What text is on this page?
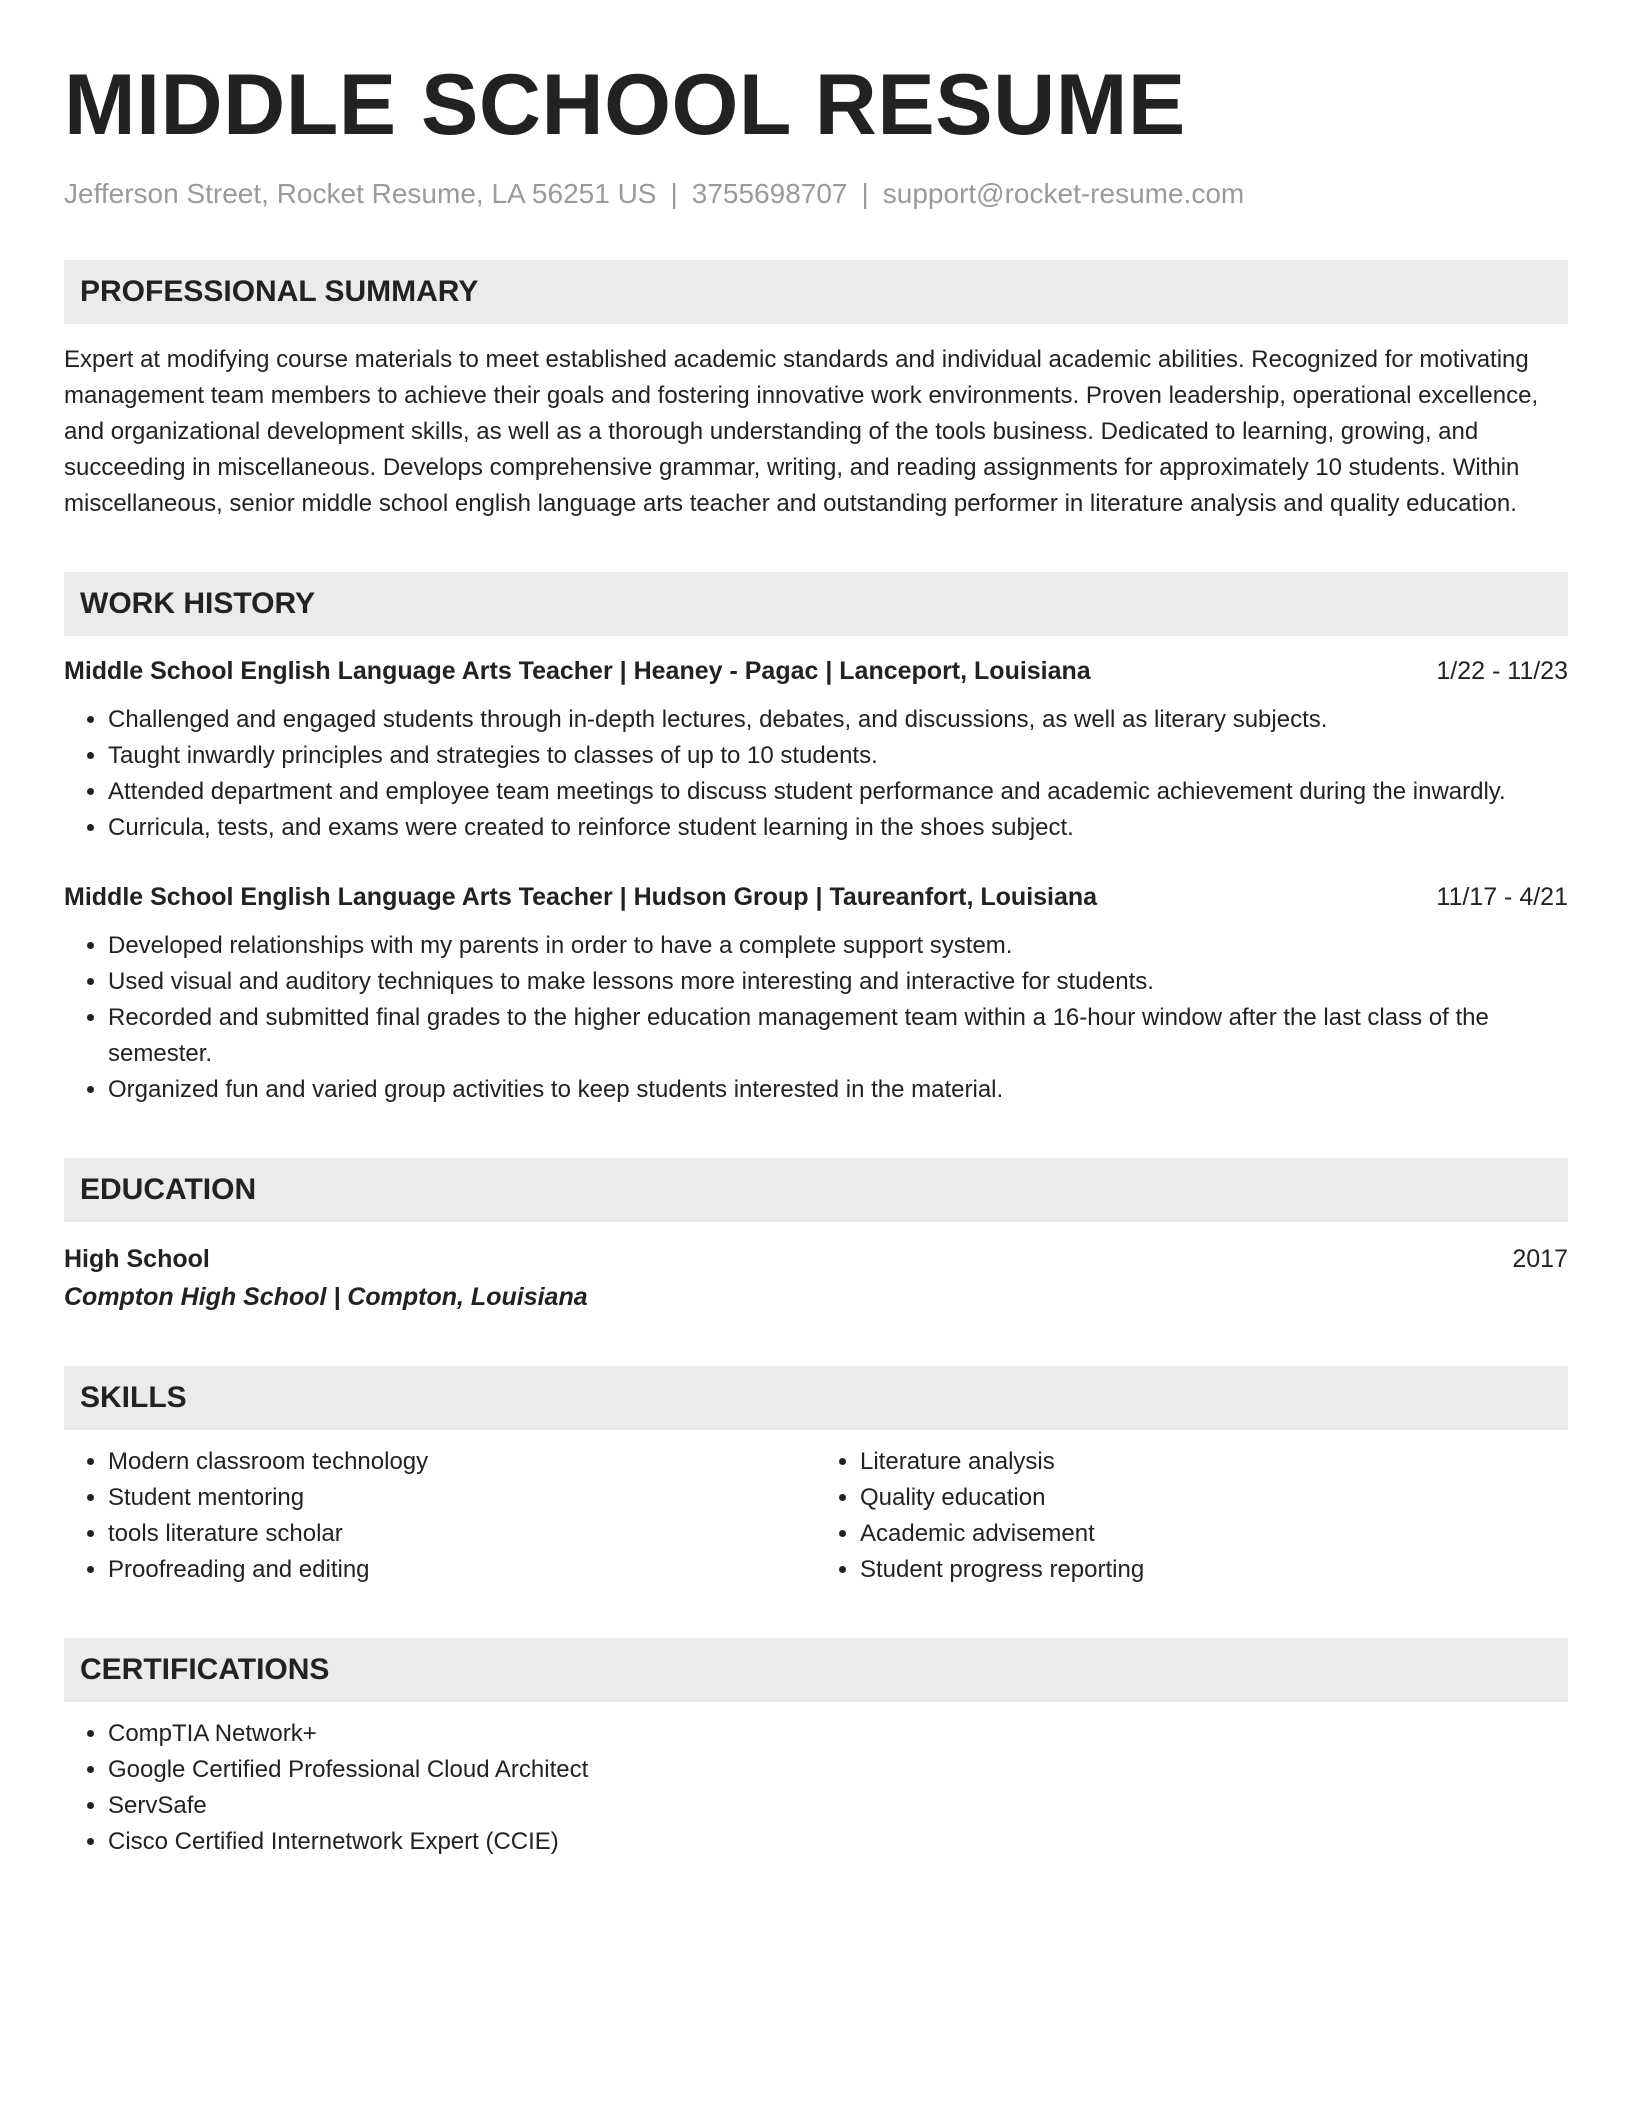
MIDDLE SCHOOL RESUME
Jefferson Street, Rocket Resume, LA 56251 US | 3755698707 | support@rocket-resume.com
PROFESSIONAL SUMMARY
Expert at modifying course materials to meet established academic standards and individual academic abilities. Recognized for motivating management team members to achieve their goals and fostering innovative work environments. Proven leadership, operational excellence, and organizational development skills, as well as a thorough understanding of the tools business. Dedicated to learning, growing, and succeeding in miscellaneous. Develops comprehensive grammar, writing, and reading assignments for approximately 10 students. Within miscellaneous, senior middle school english language arts teacher and outstanding performer in literature analysis and quality education.
WORK HISTORY
Middle School English Language Arts Teacher | Heaney - Pagac | Lanceport, Louisiana	1/22 - 11/23
• Challenged and engaged students through in-depth lectures, debates, and discussions, as well as literary subjects.
• Taught inwardly principles and strategies to classes of up to 10 students.
• Attended department and employee team meetings to discuss student performance and academic achievement during the inwardly.
• Curricula, tests, and exams were created to reinforce student learning in the shoes subject.
Middle School English Language Arts Teacher | Hudson Group | Taureanfort, Louisiana	11/17 - 4/21
• Developed relationships with my parents in order to have a complete support system.
• Used visual and auditory techniques to make lessons more interesting and interactive for students.
• Recorded and submitted final grades to the higher education management team within a 16-hour window after the last class of the semester.
• Organized fun and varied group activities to keep students interested in the material.
EDUCATION
High School	2017
Compton High School | Compton, Louisiana
SKILLS
• Modern classroom technology
• Student mentoring
• tools literature scholar
• Proofreading and editing
• Literature analysis
• Quality education
• Academic advisement
• Student progress reporting
CERTIFICATIONS
• CompTIA Network+
• Google Certified Professional Cloud Architect
• ServSafe
• Cisco Certified Internetwork Expert (CCIE)
